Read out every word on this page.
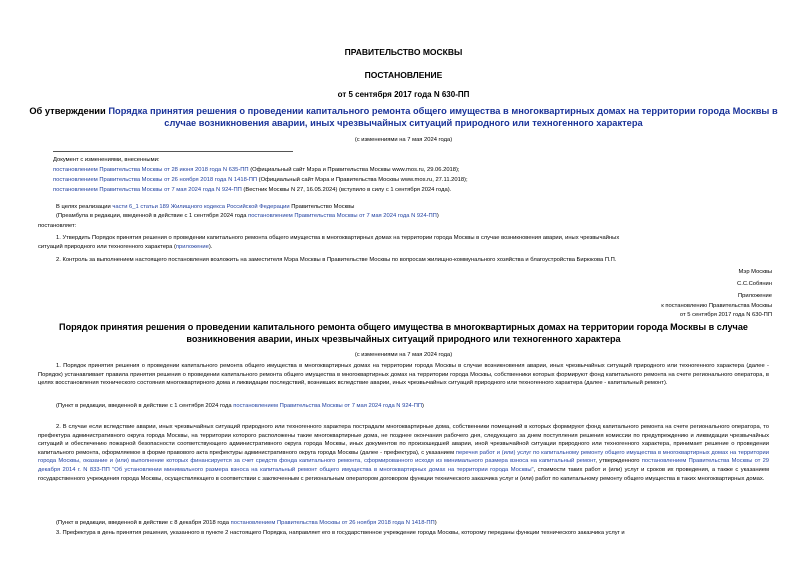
ПРАВИТЕЛЬСТВО МОСКВЫ
ПОСТАНОВЛЕНИЕ
от 5 сентября 2017 года N 630-ПП
Об утверждении Порядка принятия решения о проведении капитального ремонта общего имущества в многоквартирных домах на территории города Москвы в
случае возникновения аварии, иных чрезвычайных ситуаций природного или техногенного характера
(с изменениями на 7 мая 2024 года)
Документ с изменениями, внесенными:
постановлением Правительства Москвы от 28 июня 2018 года N 635-ПП (Официальный сайт Мэра и Правительства Москвы www.mos.ru, 29.06.2018);
постановлением Правительства Москвы от 26 ноября 2018 года N 1418-ПП (Официальный сайт Мэра и Правительства Москвы www.mos.ru, 27.11.2018);
постановлением Правительства Москвы от 7 мая 2024 года N 924-ПП (Вестник Москвы N 27, 16.05.2024) (вступило в силу с 1 сентября 2024 года).
В целях реализации части 6_1 статьи 189 Жилищного кодекса Российской Федерации Правительство Москвы
(Преамбула в редакции, введенной в действие с 1 сентября 2024 года постановлением Правительства Москвы от 7 мая 2024 года N 924-ПП)
постановляет:
1. Утвердить Порядок принятия решения о проведении капитального ремонта общего имущества в многоквартирных домах на территории города Москвы в случае возникновения аварии, иных чрезвычайных
ситуаций природного или техногенного характера (приложение).
2. Контроль за выполнением настоящего постановления возложить на заместителя Мэра Москвы в Правительстве Москвы по вопросам жилищно-коммунального хозяйства и благоустройства Бирюкова П.П.
Мэр Москвы
С.С.Собянин
Приложение
к постановлению Правительства Москвы
от 5 сентября 2017 года N 630-ПП
Порядок принятия решения о проведении капитального ремонта общего имущества в многоквартирных домах на территории города Москвы в случае
возникновения аварии, иных чрезвычайных ситуаций природного или техногенного характера
(с изменениями на 7 мая 2024 года)
1. Порядок принятия решения о проведении капитального ремонта общего имущества в многоквартирных домах на территории города Москвы в случае возникновения аварии, иных чрезвычайных ситуаций природного или техногенного характера (далее - Порядок) устанавливает правила принятия решения о проведении капитального ремонта общего имущества в многоквартирных домах на территории города Москвы, собственники которых формируют фонд капитального ремонта на счете регионального оператора, в целях восстановления технического состояния многоквартирного дома и ликвидации последствий, возникших вследствие аварии, иных чрезвычайных ситуаций природного или техногенного характера (далее - капитальный ремонт).
(Пункт в редакции, введенной в действие с 1 сентября 2024 года постановлением Правительства Москвы от 7 мая 2024 года N 924-ПП)
2. В случае если вследствие аварии, иных чрезвычайных ситуаций природного или техногенного характера пострадали многоквартирные дома, собственники помещений в которых формируют фонд капитального ремонта на счете регионального оператора, то префектура административного округа города Москвы, на территории которого расположены такие многоквартирные дома, не позднее окончания рабочего дня, следующего за днем поступления решения комиссии по предупреждению и ликвидации чрезвычайных ситуаций и обеспечению пожарной безопасности соответствующего административного округа города Москвы, иных документов по произошедшей аварии, иной чрезвычайной ситуации природного или техногенного характера, принимает решение о проведении капитального ремонта, оформляемое в форме правового акта префектуры административного округа города Москвы (далее - префектура), с указанием перечня работ и (или) услуг по капитальному ремонту общего имущества в многоквартирных домах на территории города Москвы, оказание и (или) выполнение которых финансируется за счет средств фонда капитального ремонта, сформированного исходя из минимального размера взноса на капитальный ремонт, утвержденного постановлением Правительства Москвы от 29 декабря 2014 г. N 833-ПП "Об установлении минимального размера взноса на капитальный ремонт общего имущества в многоквартирных домах на территории города Москвы", стоимости таких работ и (или) услуг и сроков их проведения, а также с указанием государственного учреждения города Москвы, осуществляющего в соответствии с заключенным с региональным оператором договором функции технического заказчика услуг и (или) работ по капитальному ремонту общего имущества в таких многоквартирных домах.
(Пункт в редакции, введенной в действие с 8 декабря 2018 года постановлением Правительства Москвы от 26 ноября 2018 года N 1418-ПП)
3. Префектура в день принятия решения, указанного в пункте 2 настоящего Порядка, направляет его в государственное учреждение города Москвы, которому переданы функции технического заказчика услуг и
